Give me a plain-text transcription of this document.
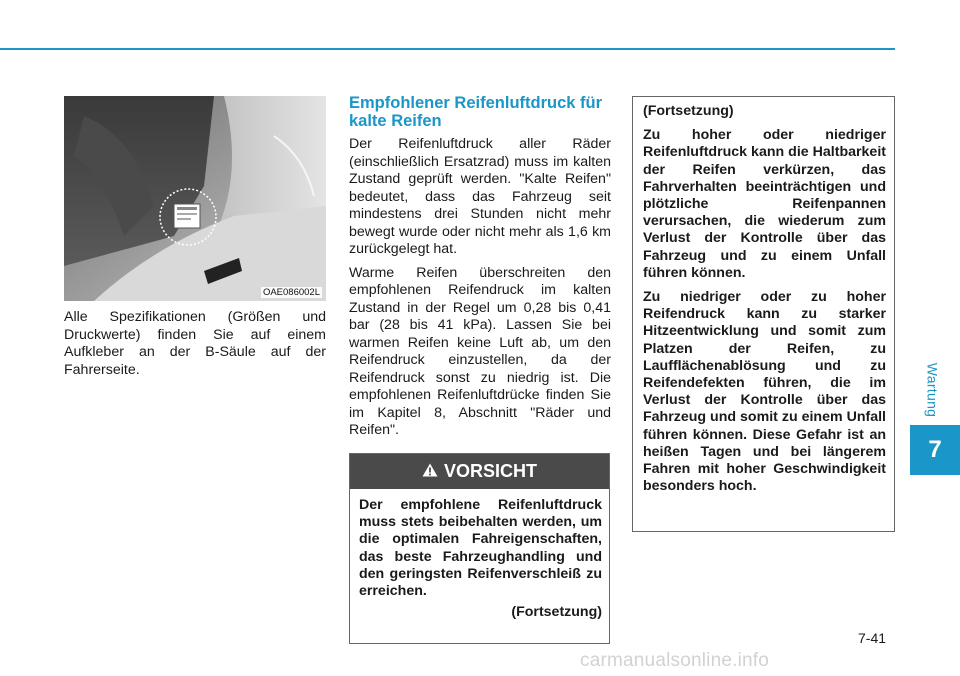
Wartung
7
OAE086002L
Alle Spezifikationen (Größen und Druckwerte) finden Sie auf einem Aufkleber an der B-Säule auf der Fahrerseite.
Empfohlener Reifenluftdruck für kalte Reifen

Der Reifenluftdruck aller Räder (einschließlich Ersatzrad) muss im kalten Zustand geprüft werden. "Kalte Reifen" bedeutet, dass das Fahrzeug seit mindestens drei Stunden nicht mehr bewegt wurde oder nicht mehr als 1,6 km zurückgelegt hat.

Warme Reifen überschreiten den empfohlenen Reifendruck im kalten Zustand in der Regel um 0,28 bis 0,41 bar (28 bis 41 kPa). Lassen Sie bei warmen Reifen keine Luft ab, um den Reifendruck einzustellen, da der Reifendruck sonst zu niedrig ist. Die empfohlenen Reifenluftdrücke finden Sie im Kapitel 8, Abschnitt "Räder und Reifen".

VORSICHT
Der empfohlene Reifenluftdruck muss stets beibehalten werden, um die optimalen Fahreigenschaften, das beste Fahrzeughandling und den geringsten Reifenverschleiß zu erreichen.
(Fortsetzung)

(Fortsetzung)

Zu hoher oder niedriger Reifenluftdruck kann die Haltbarkeit der Reifen verkürzen, das Fahrverhalten beeinträchtigen und plötzliche Reifenpannen verursachen, die wiederum zum Verlust der Kontrolle über das Fahrzeug und zu einem Unfall führen können.

Zu niedriger oder zu hoher Reifendruck kann zu starker Hitzeentwicklung und somit zum Platzen der Reifen, zu Laufflächenablösung und zu Reifendefekten führen, die im Verlust der Kontrolle über das Fahrzeug und somit zu einem Unfall führen können. Diese Gefahr ist an heißen Tagen und bei längerem Fahren mit hoher Geschwindigkeit besonders hoch.

7-41
carmanualsonline.info
